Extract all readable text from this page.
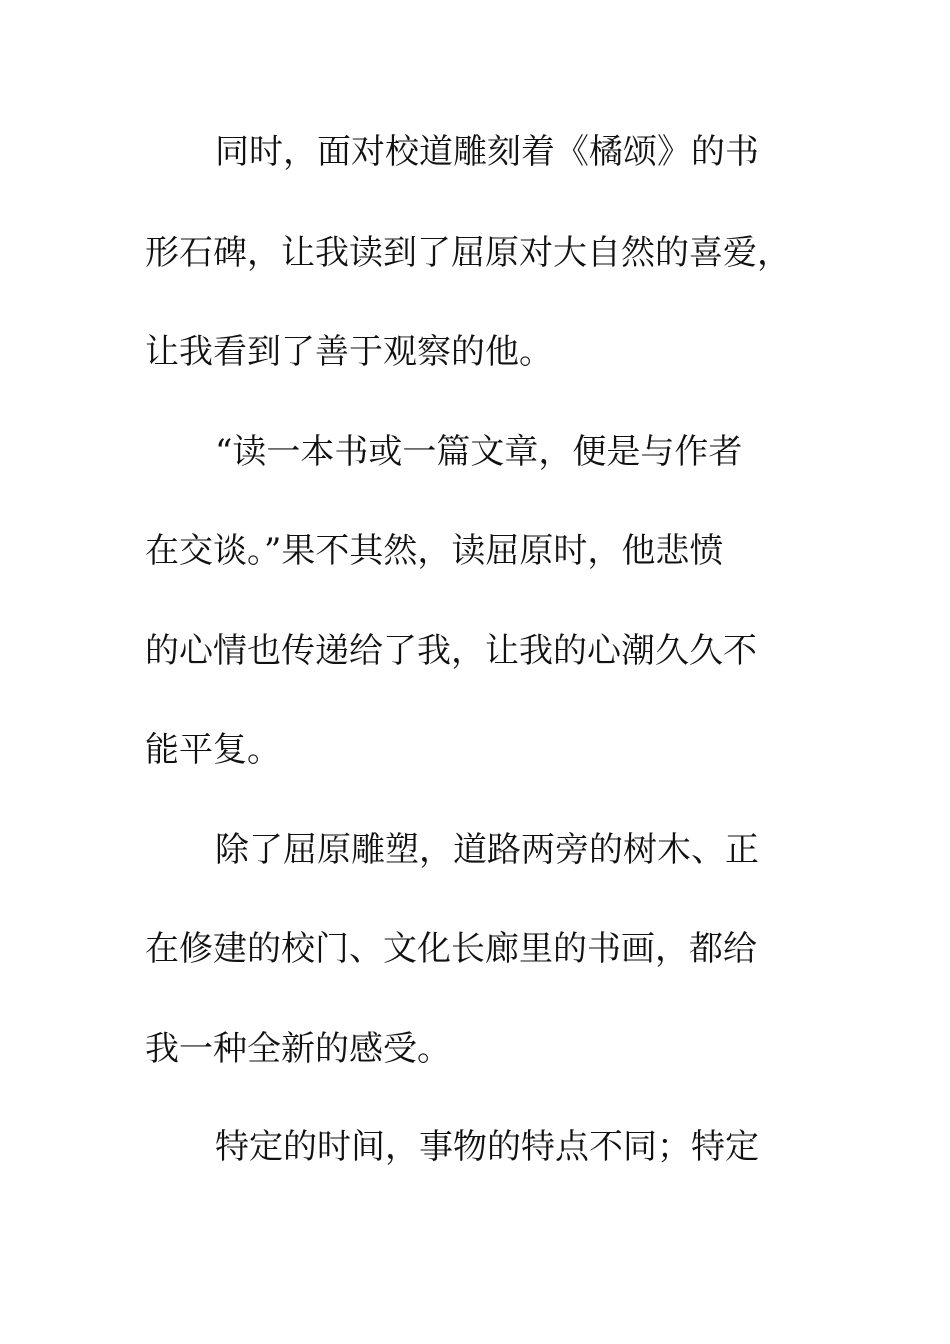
同时，面对校道雕刻着《橘颂》的书
形石碑，让我读到了屈原对大自然的喜爱，
让我看到了善于观察的他。
“读一本书或一篇文章，便是与作者
在交谈。”果不其然，读屈原时，他悲愤
的心情也传递给了我，让我的心潮久久不
能平复。
除了屈原雕塑，道路两旁的树木、正
在修建的校门、文化长廊里的书画，都给
我一种全新的感受。
特定的时间，事物的特点不同；特定
